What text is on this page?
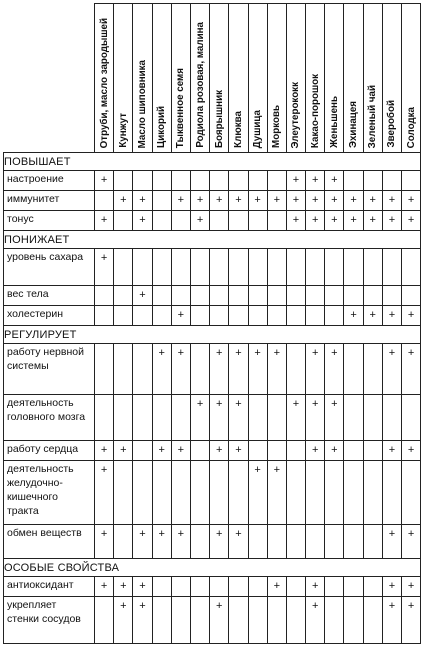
	Отруби, масло зародышей	Кунжут	Масло шиповника	Цикорий	Тыквенное семя	Родиола розовая, малина	Боярышник	Клюква	Душица	Морковь	Элеутерококк	Какао-порошок	Женьшень	Эхинацея	Зеленый чай	Зверобой	Солодка

ПОВЫШАЕТ																	
настроение	+										+	+	+				
иммунитет		+	+		+	+	+	+	+	+	+	+	+	+	+	+	+
тонус	+		+			+					+	+	+	+	+	+	+
ПОНИЖАЕТ																	
уровень сахара	+																
вес тела			+														
холестерин					+									+	+	+	+
РЕГУЛИРУЕТ																	
работу нервной системы				+	+		+	+	+	+		+	+			+	+
деятельность головного мозга						+	+	+			+	+	+				
работу сердца	+	+		+	+		+	+				+	+			+	+
деятельность желудочно-кишечного тракта	+								+	+							
обмен веществ	+		+	+	+		+	+								+	+
ОСОБЫЕ СВОЙСТВА																	
антиоксидант	+	+	+							+		+				+	+
укрепляет стенки сосудов		+	+				+					+				+	+
